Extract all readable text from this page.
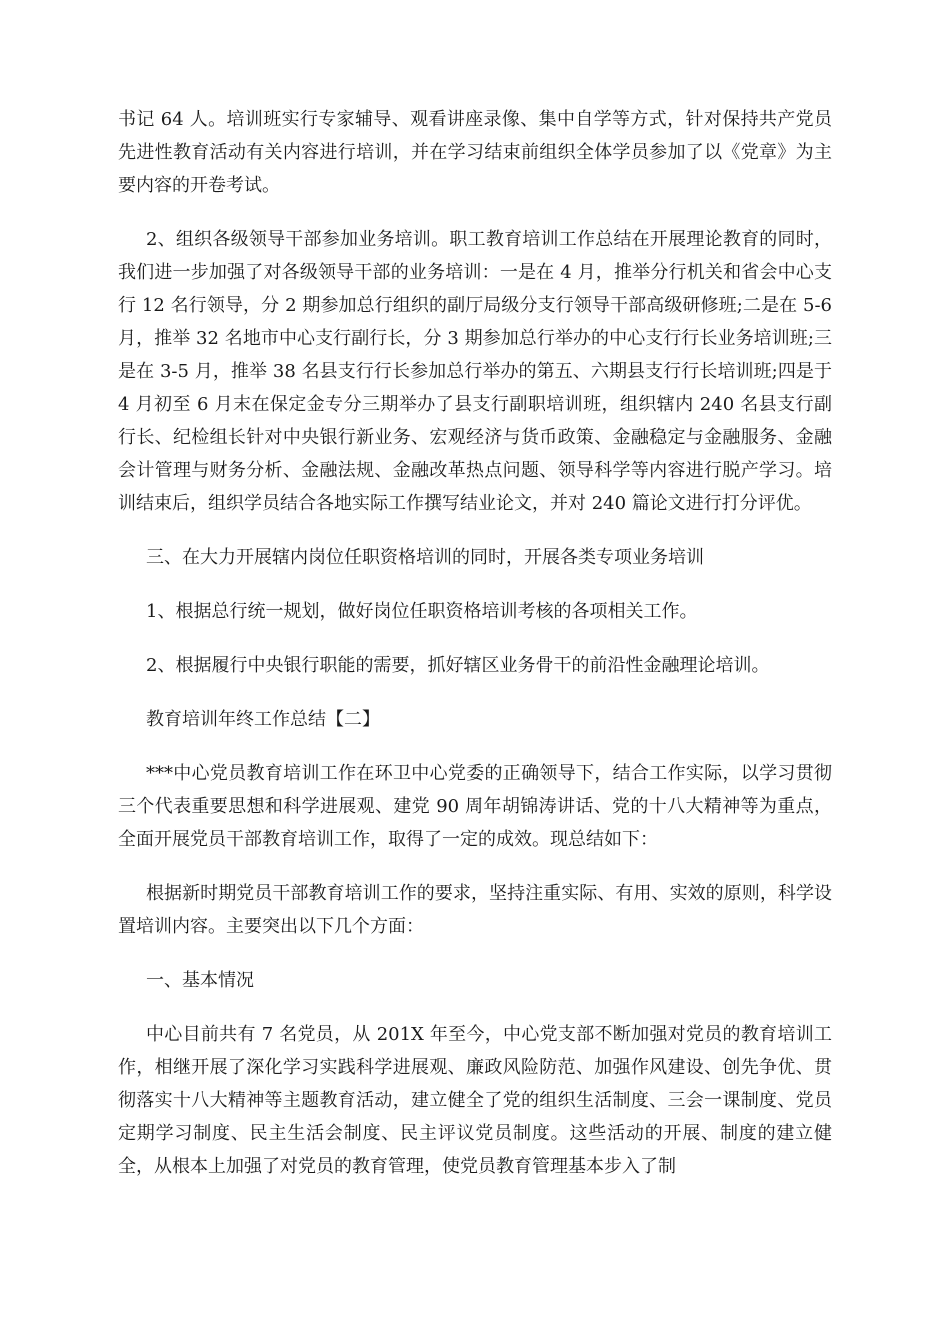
书记 64 人。培训班实行专家辅导、观看讲座录像、集中自学等方式，针对保持共产党员先进性教育活动有关内容进行培训，并在学习结束前组织全体学员参加了以《党章》为主要内容的开卷考试。

2、组织各级领导干部参加业务培训。职工教育培训工作总结在开展理论教育的同时，我们进一步加强了对各级领导干部的业务培训：一是在 4 月，推举分行机关和省会中心支行 12 名行领导，分 2 期参加总行组织的副厅局级分支行领导干部高级研修班;二是在 5-6 月，推举 32 名地市中心支行副行长，分 3 期参加总行举办的中心支行行长业务培训班;三是在 3-5 月，推举 38 名县支行行长参加总行举办的第五、六期县支行行长培训班;四是于 4 月初至 6 月末在保定金专分三期举办了县支行副职培训班，组织辖内 240 名县支行副行长、纪检组长针对中央银行新业务、宏观经济与货币政策、金融稳定与金融服务、金融会计管理与财务分析、金融法规、金融改革热点问题、领导科学等内容进行脱产学习。培训结束后，组织学员结合各地实际工作撰写结业论文，并对 240 篇论文进行打分评优。

三、在大力开展辖内岗位任职资格培训的同时，开展各类专项业务培训

1、根据总行统一规划，做好岗位任职资格培训考核的各项相关工作。

2、根据履行中央银行职能的需要，抓好辖区业务骨干的前沿性金融理论培训。

教育培训年终工作总结【二】

***中心党员教育培训工作在环卫中心党委的正确领导下，结合工作实际，以学习贯彻三个代表重要思想和科学进展观、建党 90 周年胡锦涛讲话、党的十八大精神等为重点，全面开展党员干部教育培训工作，取得了一定的成效。现总结如下：

根据新时期党员干部教育培训工作的要求，坚持注重实际、有用、实效的原则，科学设置培训内容。主要突出以下几个方面：

一、基本情况

中心目前共有 7 名党员，从 201X 年至今，中心党支部不断加强对党员的教育培训工作，相继开展了深化学习实践科学进展观、廉政风险防范、加强作风建设、创先争优、贯彻落实十八大精神等主题教育活动，建立健全了党的组织生活制度、三会一课制度、党员定期学习制度、民主生活会制度、民主评议党员制度。这些活动的开展、制度的建立健全，从根本上加强了对党员的教育管理，使党员教育管理基本步入了制
